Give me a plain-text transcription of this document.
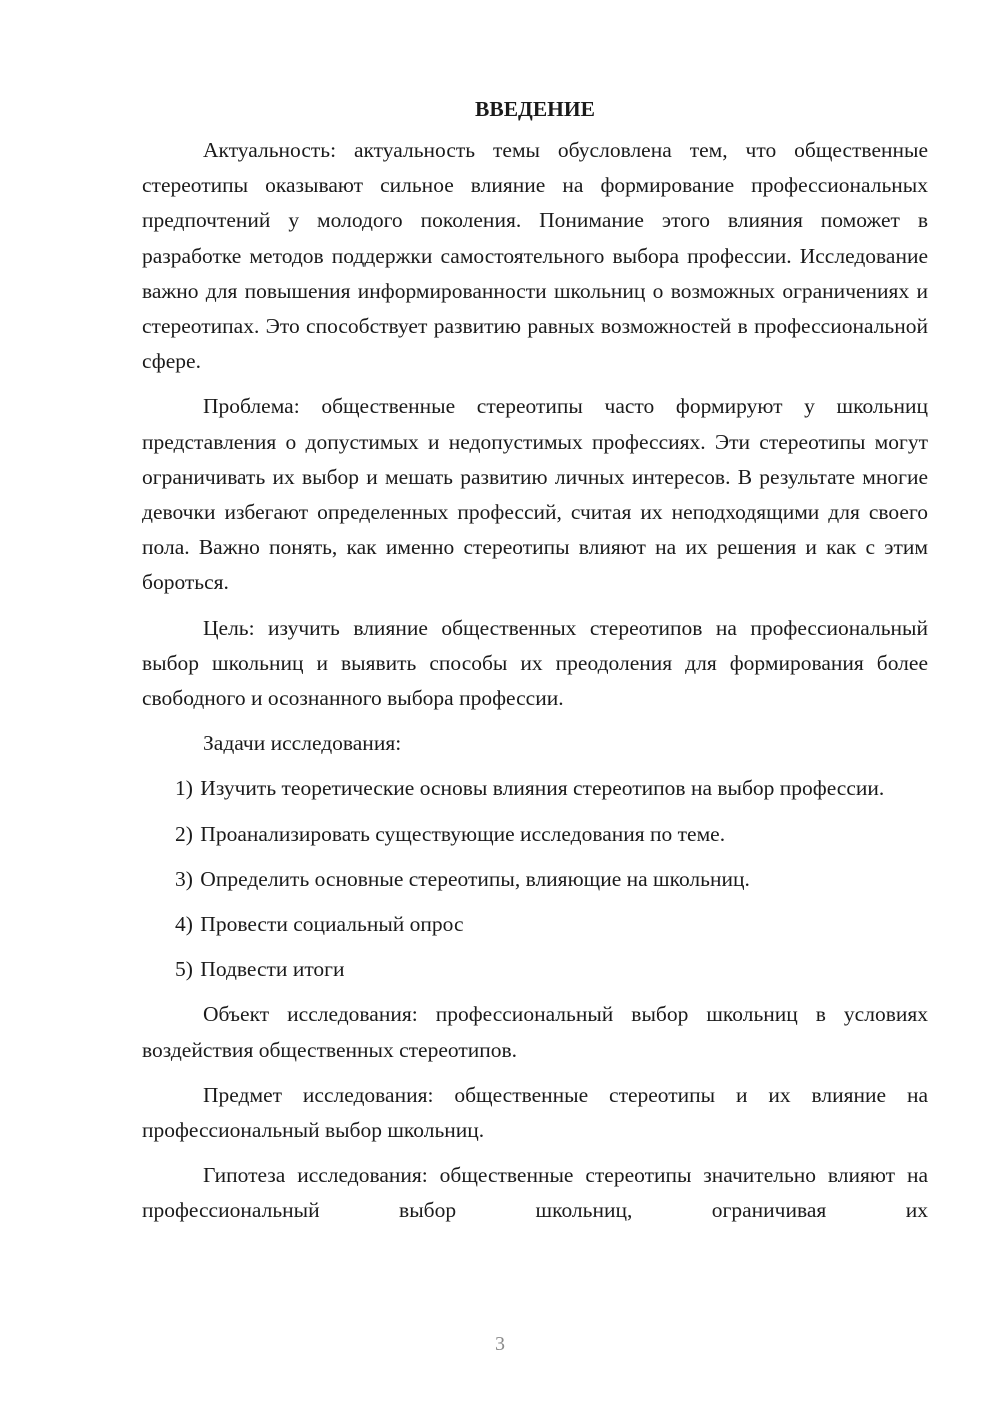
ВВЕДЕНИЕ

Актуальность: актуальность темы обусловлена тем, что общественные стереотипы оказывают сильное влияние на формирование профессиональных предпочтений у молодого поколения. Понимание этого влияния поможет в разработке методов поддержки самостоятельного выбора профессии. Исследование важно для повышения информированности школьниц о возможных ограничениях и стереотипах. Это способствует развитию равных возможностей в профессиональной сфере.

Проблема: общественные стереотипы часто формируют у школьниц представления о допустимых и недопустимых профессиях. Эти стереотипы могут ограничивать их выбор и мешать развитию личных интересов. В результате многие девочки избегают определенных профессий, считая их неподходящими для своего пола. Важно понять, как именно стереотипы влияют на их решения и как с этим бороться.

Цель: изучить влияние общественных стереотипов на профессиональный выбор школьниц и выявить способы их преодоления для формирования более свободного и осознанного выбора профессии.

Задачи исследования:

1) Изучить теоретические основы влияния стереотипов на выбор профессии.
2) Проанализировать существующие исследования по теме.
3) Определить основные стереотипы, влияющие на школьниц.
4) Провести социальный опрос
5) Подвести итоги

Объект исследования: профессиональный выбор школьниц в условиях воздействия общественных стереотипов.

Предмет исследования: общественные стереотипы и их влияние на профессиональный выбор школьниц.

Гипотеза исследования: общественные стереотипы значительно влияют на профессиональный выбор школьниц, ограничивая их

3
